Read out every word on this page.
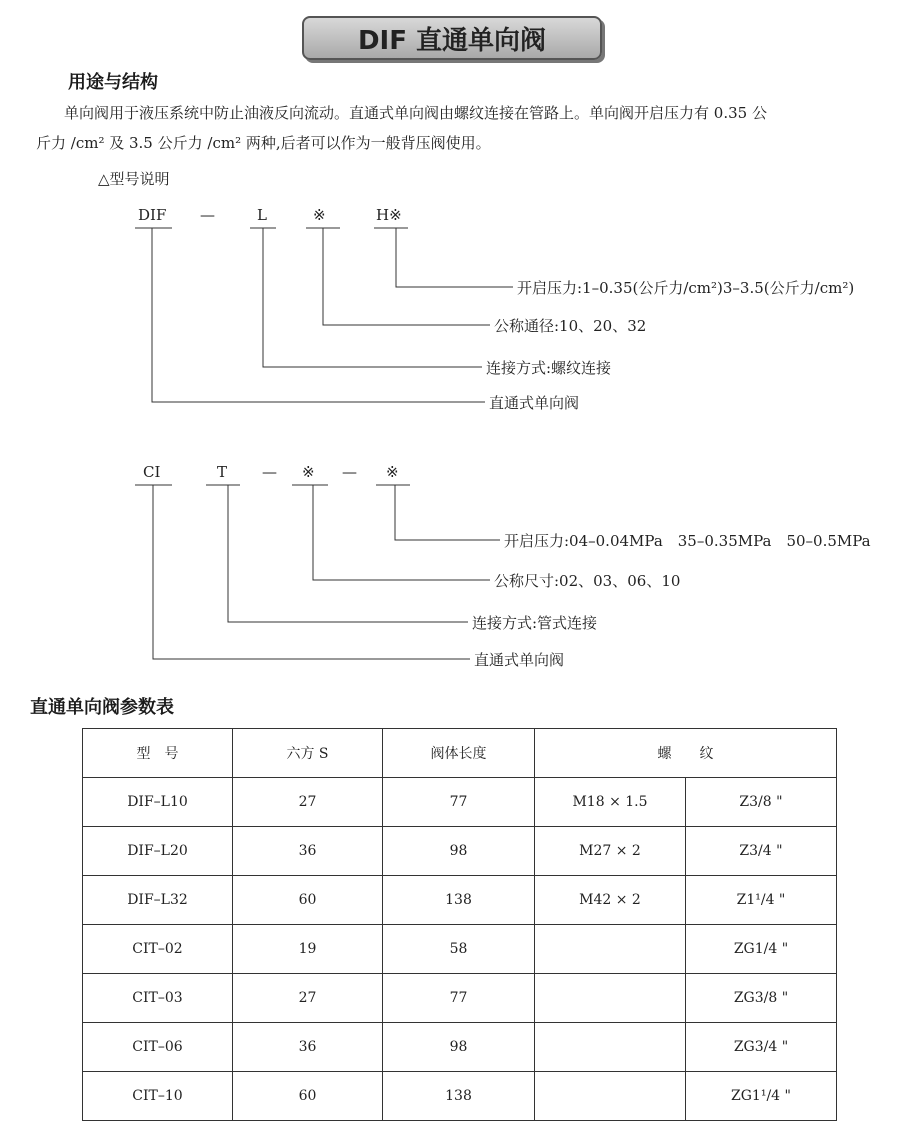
DIF 直通单向阀
用途与结构
单向阀用于液压系统中防止油液反向流动。直通式单向阀由螺纹连接在管路上。单向阀开启压力有 0.35 公
斤力 /cm² 及 3.5 公斤力 /cm² 两种,后者可以作为一般背压阀使用。
△型号说明
DIF —	L	※	H※
开启压力:1–0.35(公斤力/cm²)3–3.5(公斤力/cm²)
公称通径:10、20、32
连接方式:螺纹连接
直通式单向阀
CI	T — ※ — ※
开启压力:04–0.04MPa　35–0.35MPa　50–0.5MPa
公称尺寸:02、03、06、10
连接方式:管式连接
直通式单向阀
直通单向阀参数表
型　号	六方 S	阀体长度	螺　　纹	
DIF–L10	27	77	M18 × 1.5	Z3/8 "
DIF–L20	36	98	M27 × 2	Z3/4 "
DIF–L32	60	138	M42 × 2	Z1¹/4 "
CIT–02	19	58		ZG1/4 "
CIT–03	27	77		ZG3/8 "
CIT–06	36	98		ZG3/4 "
CIT–10	60	138		ZG1¹/4 "
